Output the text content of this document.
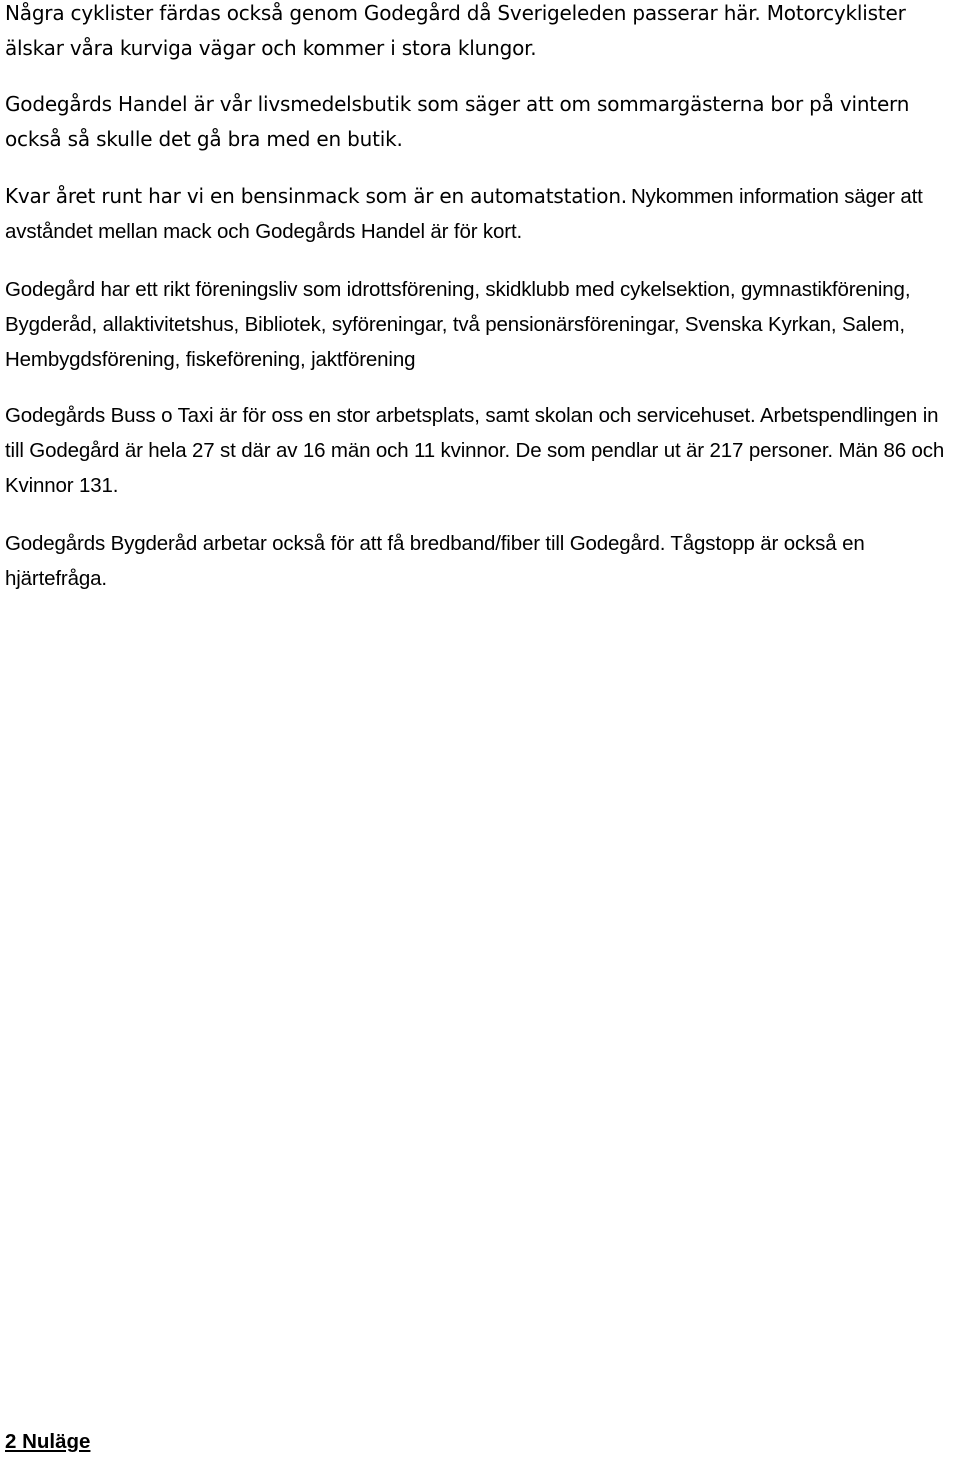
Några cyklister färdas också genom Godegård då Sverigeleden passerar här. Motorcyklister älskar våra kurviga vägar och kommer i stora klungor.

Godegårds Handel är vår livsmedelsbutik som säger att om sommargästerna bor på vintern också så skulle det gå bra med en butik.

Kvar året runt har vi en bensinmack som är en automatstation. Nykommen information säger att avståndet mellan mack och Godegårds Handel är för kort.

Godegård har ett rikt föreningsliv som idrottsförening, skidklubb med cykelsektion, gymnastikförening, Bygderåd, allaktivitetshus, Bibliotek, syföreningar, två pensionärsföreningar, Svenska Kyrkan, Salem, Hembygdsförening, fiskeförening, jaktförening

Godegårds Buss o Taxi är för oss en stor arbetsplats, samt skolan och servicehuset. Arbetspendlingen in till Godegård är hela 27 st där av 16 män och 11 kvinnor. De som pendlar ut är 217 personer. Män 86 och Kvinnor 131.

Godegårds Bygderåd arbetar också för att få bredband/fiber till Godegård. Tågstopp är också en hjärtefråga.

2 Nuläge
